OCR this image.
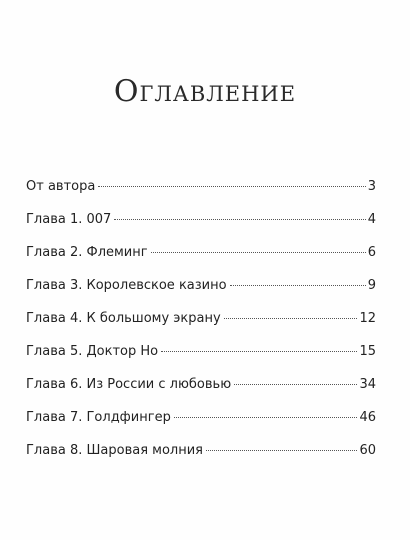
Оглавление
От автора	3
Глава 1. 007	4
Глава 2. Флеминг	6
Глава 3. Королевское казино	9
Глава 4. К большому экрану	12
Глава 5. Доктор Но	15
Глава 6. Из России с любовью	34
Глава 7. Голдфингер	46
Глава 8. Шаровая молния	60
